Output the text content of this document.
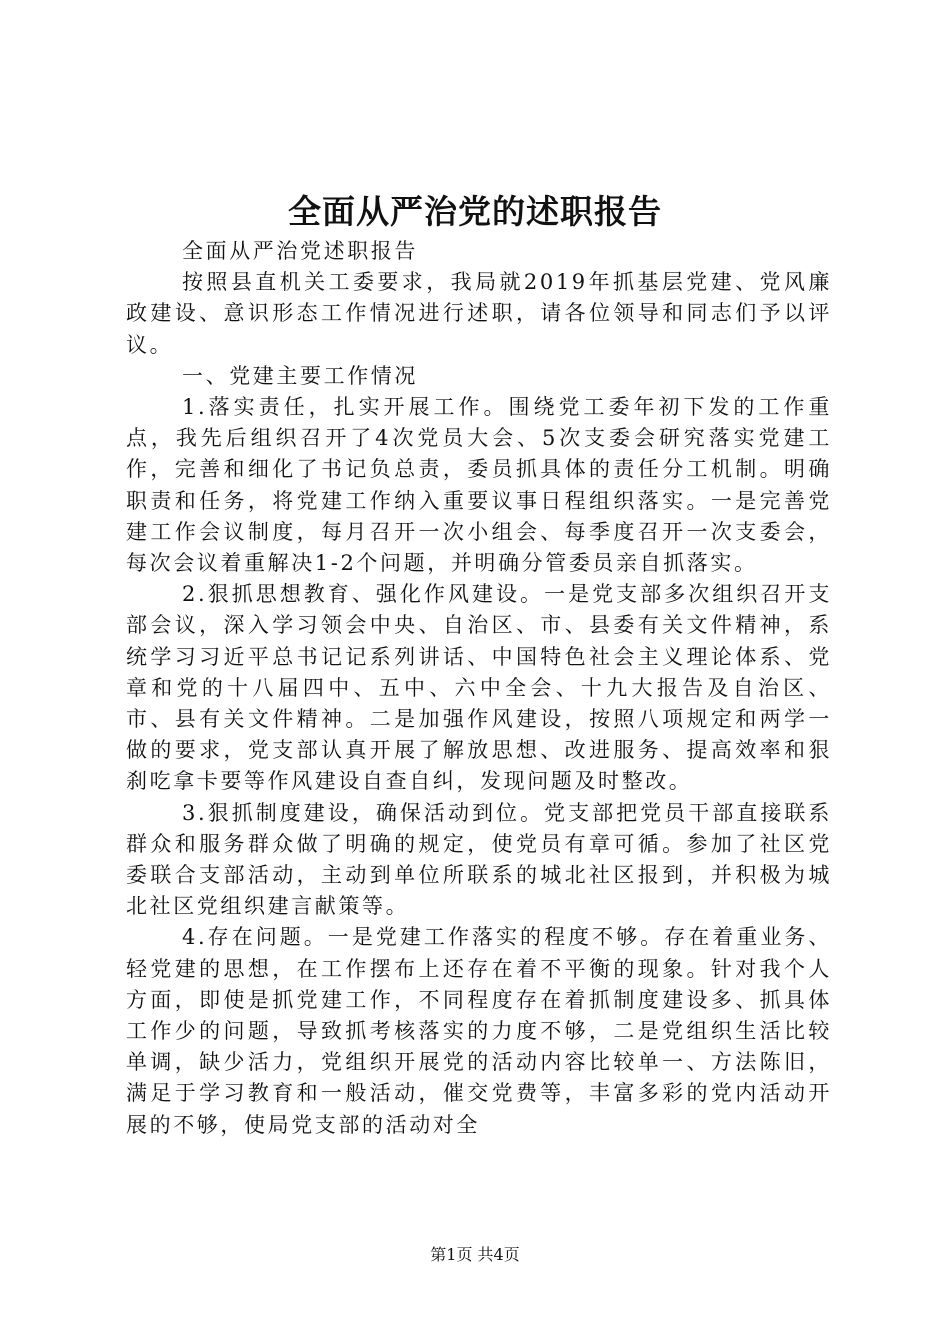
全面从严治党的述职报告

全面从严治党述职报告

按照县直机关工委要求，我局就2019年抓基层党建、党风廉政建设、意识形态工作情况进行述职，请各位领导和同志们予以评议。

一、党建主要工作情况

1.落实责任，扎实开展工作。围绕党工委年初下发的工作重点，我先后组织召开了4次党员大会、5次支委会研究落实党建工作，完善和细化了书记负总责，委员抓具体的责任分工机制。明确职责和任务，将党建工作纳入重要议事日程组织落实。一是完善党建工作会议制度，每月召开一次小组会、每季度召开一次支委会，每次会议着重解决1-2个问题，并明确分管委员亲自抓落实。

2.狠抓思想教育、强化作风建设。一是党支部多次组织召开支部会议，深入学习领会中央、自治区、市、县委有关文件精神，系统学习习近平总书记记系列讲话、中国特色社会主义理论体系、党章和党的十八届四中、五中、六中全会、十九大报告及自治区、市、县有关文件精神。二是加强作风建设，按照八项规定和两学一做的要求，党支部认真开展了解放思想、改进服务、提高效率和狠刹吃拿卡要等作风建设自查自纠，发现问题及时整改。

3.狠抓制度建设，确保活动到位。党支部把党员干部直接联系群众和服务群众做了明确的规定，使党员有章可循。参加了社区党委联合支部活动，主动到单位所联系的城北社区报到，并积极为城北社区党组织建言献策等。

4.存在问题。一是党建工作落实的程度不够。存在着重业务、轻党建的思想，在工作摆布上还存在着不平衡的现象。针对我个人方面，即使是抓党建工作，不同程度存在着抓制度建设多、抓具体工作少的问题，导致抓考核落实的力度不够，二是党组织生活比较单调，缺少活力，党组织开展党的活动内容比较单一、方法陈旧，满足于学习教育和一般活动，催交党费等，丰富多彩的党内活动开展的不够，使局党支部的活动对全

第1页 共4页
